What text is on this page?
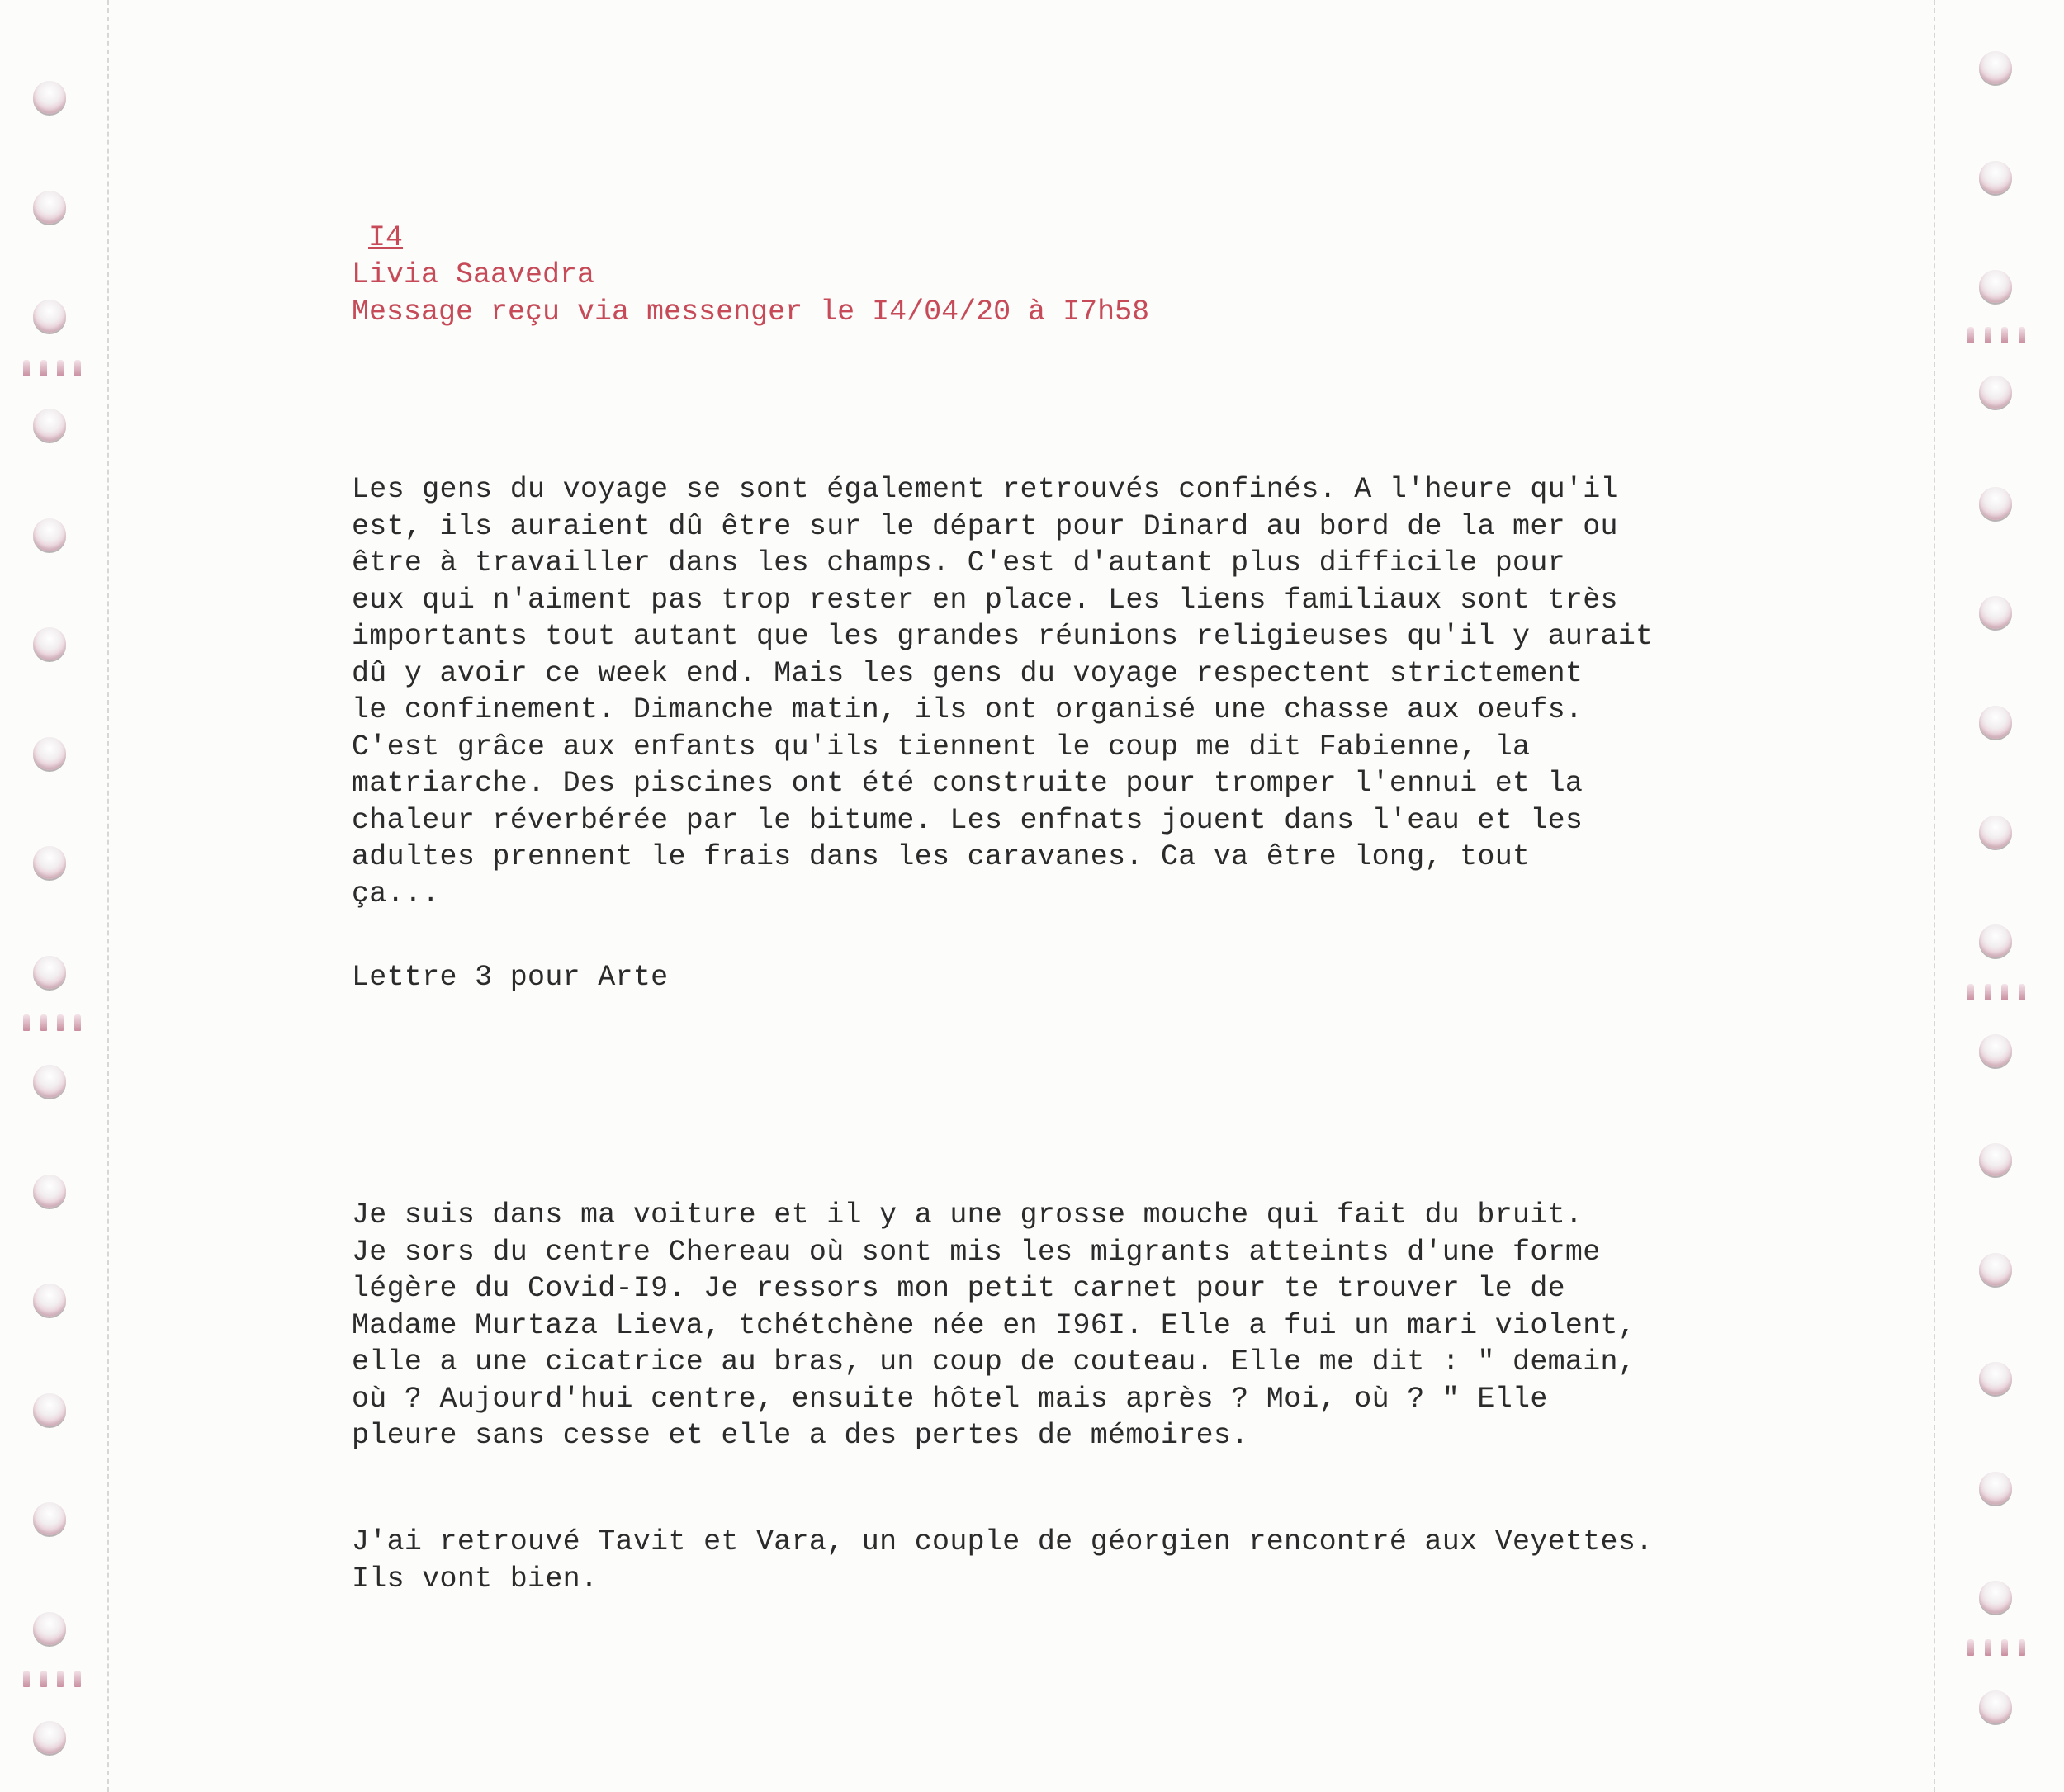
I4
Livia Saavedra
Message reçu via messenger le I4/04/20 à I7h58
Les gens du voyage se sont également retrouvés confinés. A l'heure qu'il
est, ils auraient dû être sur le départ pour Dinard au bord de la mer ou
être à travailler dans les champs. C'est d'autant plus difficile pour
eux qui n'aiment pas trop rester en place. Les liens familiaux sont très
importants tout autant que les grandes réunions religieuses qu'il y aurait
dû y avoir ce week end. Mais les gens du voyage respectent strictement
le confinement. Dimanche matin, ils ont organisé une chasse aux oeufs.
C'est grâce aux enfants qu'ils tiennent le coup me dit Fabienne, la
matriarche. Des piscines ont été construite pour tromper l'ennui et la
chaleur réverbérée par le bitume. Les enfnats jouent dans l'eau et les
adultes prennent le frais dans les caravanes. Ca va être long, tout
ça...
Lettre 3 pour Arte
Je suis dans ma voiture et il y a une grosse mouche qui fait du bruit.
Je sors du centre Chereau où sont mis les migrants atteints d'une forme
légère du Covid-I9. Je ressors mon petit carnet pour te trouver le de
Madame Murtaza Lieva, tchétchène née en I96I. Elle a fui un mari violent,
elle a une cicatrice au bras, un coup de couteau. Elle me dit : " demain,
où ? Aujourd'hui centre, ensuite hôtel mais après ? Moi, où ? " Elle
pleure sans cesse et elle a des pertes de mémoires.
J'ai retrouvé Tavit et Vara, un couple de géorgien rencontré aux Veyettes.
Ils vont bien.
